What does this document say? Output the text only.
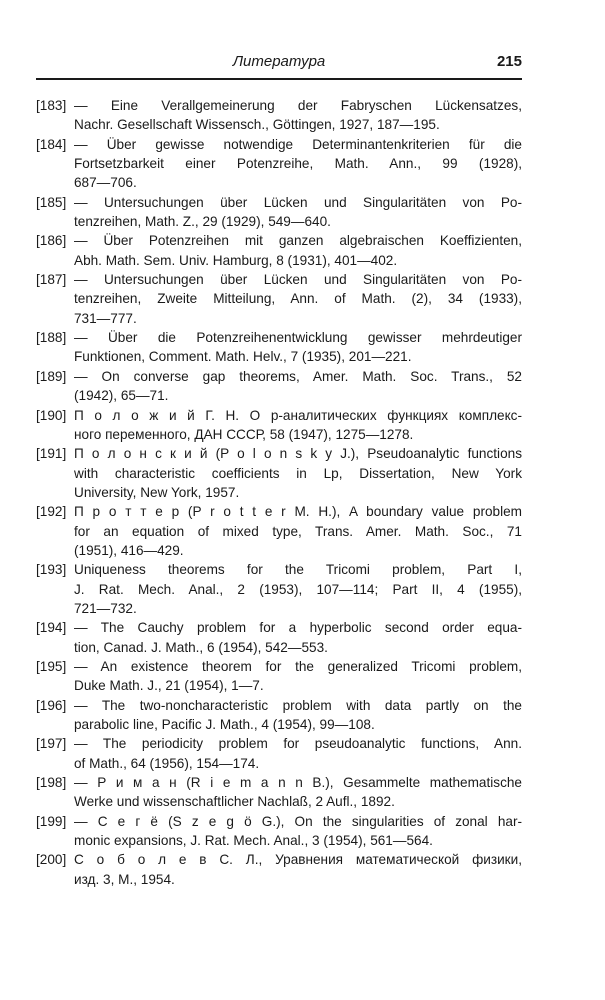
Литература	215
[183] — Eine Verallgemeinerung der Fabryschen Lückensatzes,
Nachr. Gesellschaft Wissensch., Göttingen, 1927, 187—195.
[184] — Über gewisse notwendige Determinantenkriterien für die
Fortsetzbarkeit einer Potenzreihe, Math. Ann., 99 (1928),
687—706.
[185] — Untersuchungen über Lücken und Singularitäten von Po-
tenzreihen, Math. Z., 29 (1929), 549—640.
[186] — Über Potenzreihen mit ganzen algebraischen Koeffizienten,
Abh. Math. Sem. Univ. Hamburg, 8 (1931), 401—402.
[187] — Untersuchungen über Lücken und Singularitäten von Po-
tenzreihen, Zweite Mitteilung, Ann. of Math. (2), 34 (1933),
731—777.
[188] — Über die Potenzreihenentwicklung gewisser mehrdeutiger
Funktionen, Comment. Math. Helv., 7 (1935), 201—221.
[189] — On converse gap theorems, Amer. Math. Soc. Trans., 52
(1942), 65—71.
[190] П о л о ж и й Г. Н. О p-аналитических функциях комплекс-
ного переменного, ДАН СССР, 58 (1947), 1275—1278.
[191] П о л о н с к и й (P o l o n s k y J.), Pseudoanalytic functions
with characteristic coefficients in Lp, Dissertation, New York
University, New York, 1957.
[192] П р о т т е р (P r o t t e r M. H.), A boundary value problem
for an equation of mixed type, Trans. Amer. Math. Soc., 71
(1951), 416—429.
[193] Uniqueness theorems for the Tricomi problem, Part I,
J. Rat. Mech. Anal., 2 (1953), 107—114; Part II, 4 (1955),
721—732.
[194] — The Cauchy problem for a hyperbolic second order equa-
tion, Canad. J. Math., 6 (1954), 542—553.
[195] — An existence theorem for the generalized Tricomi problem,
Duke Math. J., 21 (1954), 1—7.
[196] — The two-noncharacteristic problem with data partly on the
parabolic line, Pacific J. Math., 4 (1954), 99—108.
[197] — The periodicity problem for pseudoanalytic functions, Ann.
of Math., 64 (1956), 154—174.
[198] — Р и м а н (R i e m a n n B.), Gesammelte mathematische
Werke und wissenschaftlicher Nachlaß, 2 Aufl., 1892.
[199] — С е г ё (S z e g ö G.), On the singularities of zonal har-
monic expansions, J. Rat. Mech. Anal., 3 (1954), 561—564.
[200] С о б о л е в С. Л., Уравнения математической физики,
изд. 3, М., 1954.
